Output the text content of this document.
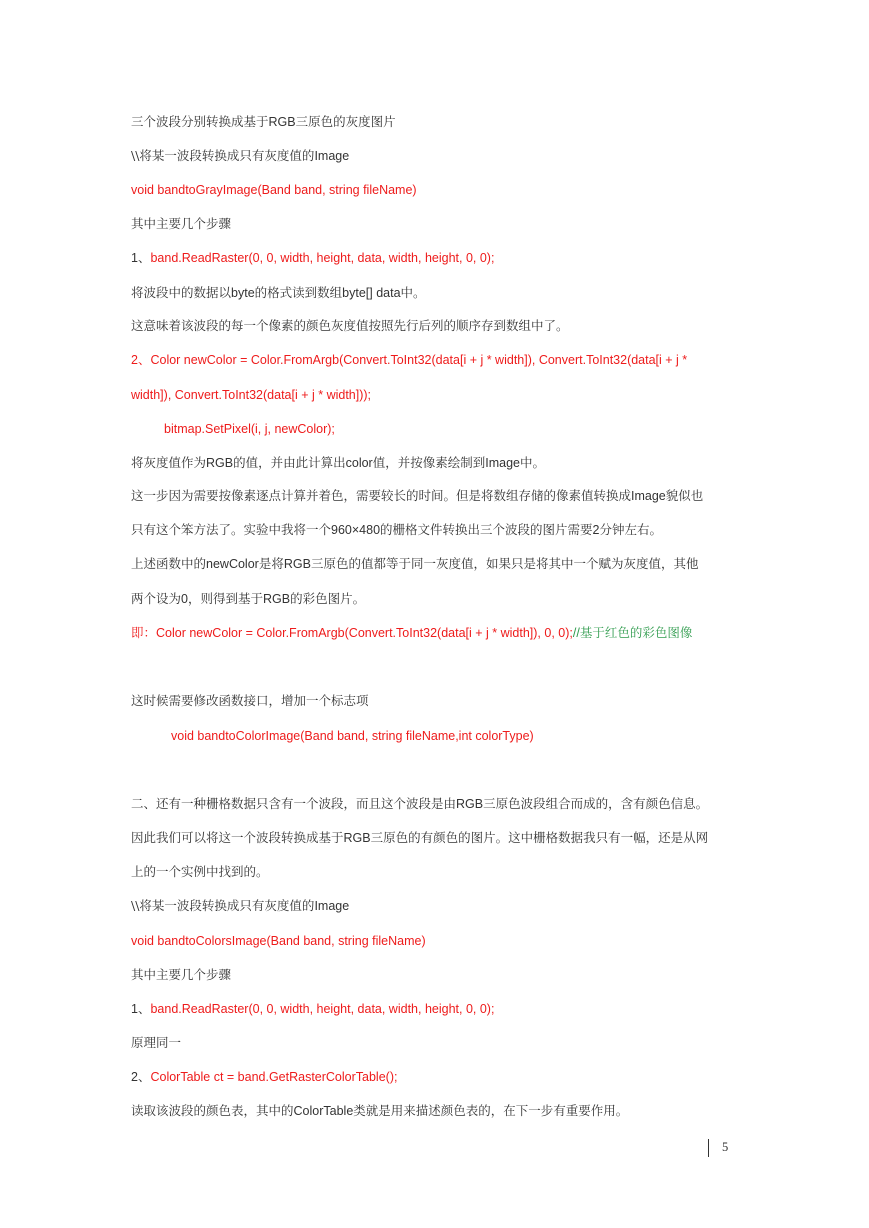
三个波段分别转换成基于RGB三原色的灰度图片
\\将某一波段转换成只有灰度值的Image
void bandtoGrayImage(Band band, string fileName)
其中主要几个步骤
1、band.ReadRaster(0, 0, width, height, data, width, height, 0, 0);
将波段中的数据以byte的格式读到数组byte[] data中。
这意味着该波段的每一个像素的颜色灰度值按照先行后列的顺序存到数组中了。
2、Color newColor = Color.FromArgb(Convert.ToInt32(data[i + j * width]), Convert.ToInt32(data[i + j *
width]), Convert.ToInt32(data[i + j * width]));
bitmap.SetPixel(i, j, newColor);
将灰度值作为RGB的值，并由此计算出color值，并按像素绘制到Image中。
这一步因为需要按像素逐点计算并着色，需要较长的时间。但是将数组存储的像素值转换成Image貌似也
只有这个笨方法了。实验中我将一个960×480的栅格文件转换出三个波段的图片需要2分钟左右。
上述函数中的newColor是将RGB三原色的值都等于同一灰度值，如果只是将其中一个赋为灰度值，其他
两个设为0，则得到基于RGB的彩色图片。
即：Color newColor = Color.FromArgb(Convert.ToInt32(data[i + j * width]), 0, 0);//基于红色的彩色图像
这时候需要修改函数接口，增加一个标志项
void bandtoColorImage(Band band, string fileName,int colorType)
二、还有一种栅格数据只含有一个波段，而且这个波段是由RGB三原色波段组合而成的，含有颜色信息。
因此我们可以将这一个波段转换成基于RGB三原色的有颜色的图片。这中栅格数据我只有一幅，还是从网
上的一个实例中找到的。
\\将某一波段转换成只有灰度值的Image
void bandtoColorsImage(Band band, string fileName)
其中主要几个步骤
1、band.ReadRaster(0, 0, width, height, data, width, height, 0, 0);
原理同一
2、ColorTable ct = band.GetRasterColorTable();
读取该波段的颜色表，其中的ColorTable类就是用来描述颜色表的，在下一步有重要作用。
5
